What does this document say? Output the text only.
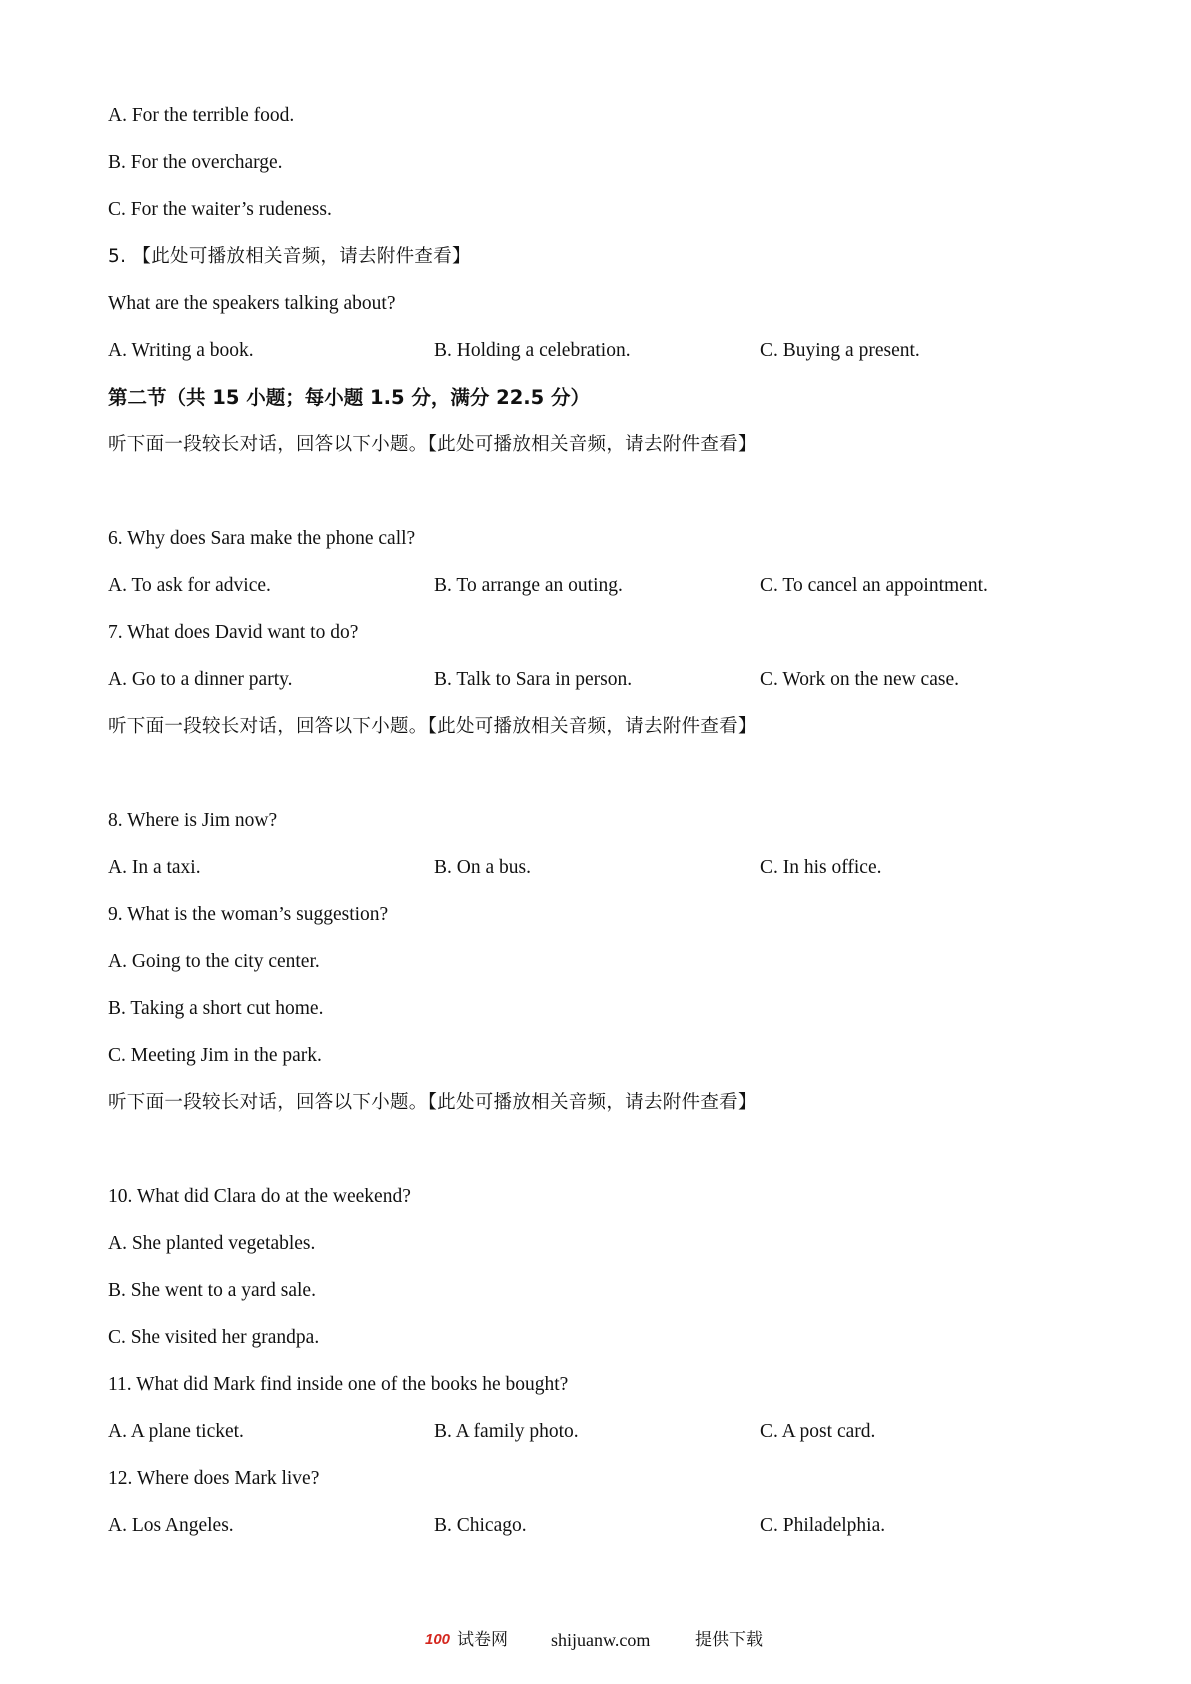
A. For the terrible food.
B. For the overcharge.
C. For the waiter’s rudeness.
5. 【此处可播放相关音频，请去附件查看】
What are the speakers talking about?
A. Writing a book.	B. Holding a celebration.	C. Buying a present.
第二节（共 15 小题；每小题 1.5 分，满分 22.5 分）
听下面一段较长对话，回答以下小题。【此处可播放相关音频，请去附件查看】
6. Why does Sara make the phone call?
A. To ask for advice.	B. To arrange an outing.	C. To cancel an appointment.
7. What does David want to do?
A. Go to a dinner party.	B. Talk to Sara in person.	C. Work on the new case.
听下面一段较长对话，回答以下小题。【此处可播放相关音频，请去附件查看】
8. Where is Jim now?
A. In a taxi.	B. On a bus.	C. In his office.
9. What is the woman’s suggestion?
A. Going to the city center.
B. Taking a short cut home.
C. Meeting Jim in the park.
听下面一段较长对话，回答以下小题。【此处可播放相关音频，请去附件查看】
10. What did Clara do at the weekend?
A. She planted vegetables.
B. She went to a yard sale.
C. She visited her grandpa.
11. What did Mark find inside one of the books he bought?
A. A plane ticket.	B. A family photo.	C. A post card.
12. Where does Mark live?
A. Los Angeles.	B. Chicago.	C. Philadelphia.
100 试卷网 shijuanw.com	提供下载
